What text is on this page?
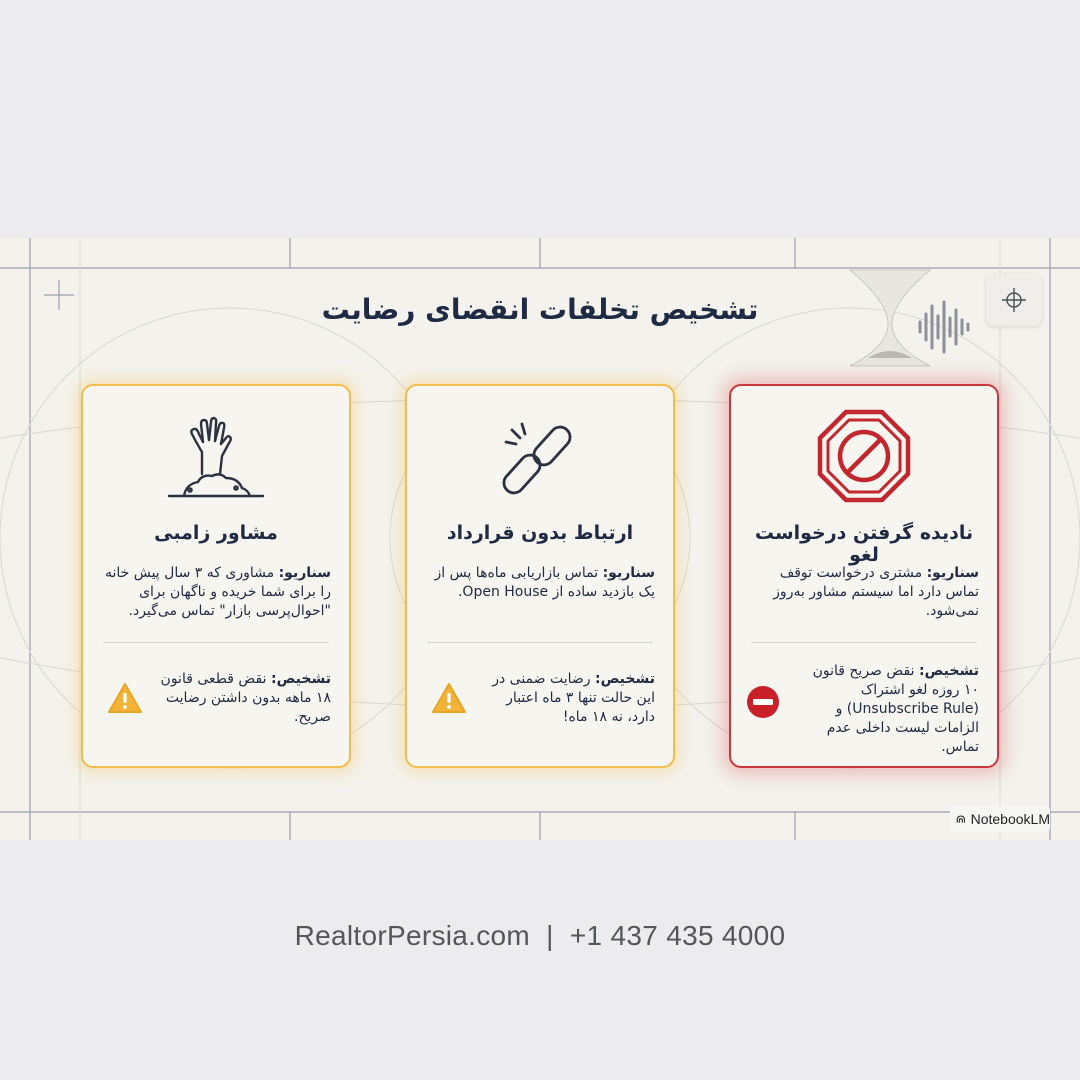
تشخیص تخلفات انقضای رضایت
مشاور زامبی
سناریو: مشاوری که ۳ سال پیش خانه را برای شما خریده و ناگهان برای "احوال‌پرسی بازار" تماس می‌گیرد.
تشخیص: نقض قطعی قانون ۱۸ ماهه بدون داشتن رضایت صریح.
ارتباط بدون قرارداد
سناریو: تماس بازاریابی ماه‌ها پس از یک بازدید ساده از Open House.
تشخیص: رضایت ضمنی در این حالت تنها ۳ ماه اعتبار دارد، نه ۱۸ ماه!
نادیده گرفتن درخواست لغو
سناریو: مشتری درخواست توقف تماس دارد اما سیستم مشاور به‌روز نمی‌شود.
تشخیص: نقض صریح قانون ۱۰ روزه لغو اشتراک (Unsubscribe Rule) و الزامات لیست داخلی عدم تماس.
NotebookLM
RealtorPersia.com  |  +1 437 435 4000
